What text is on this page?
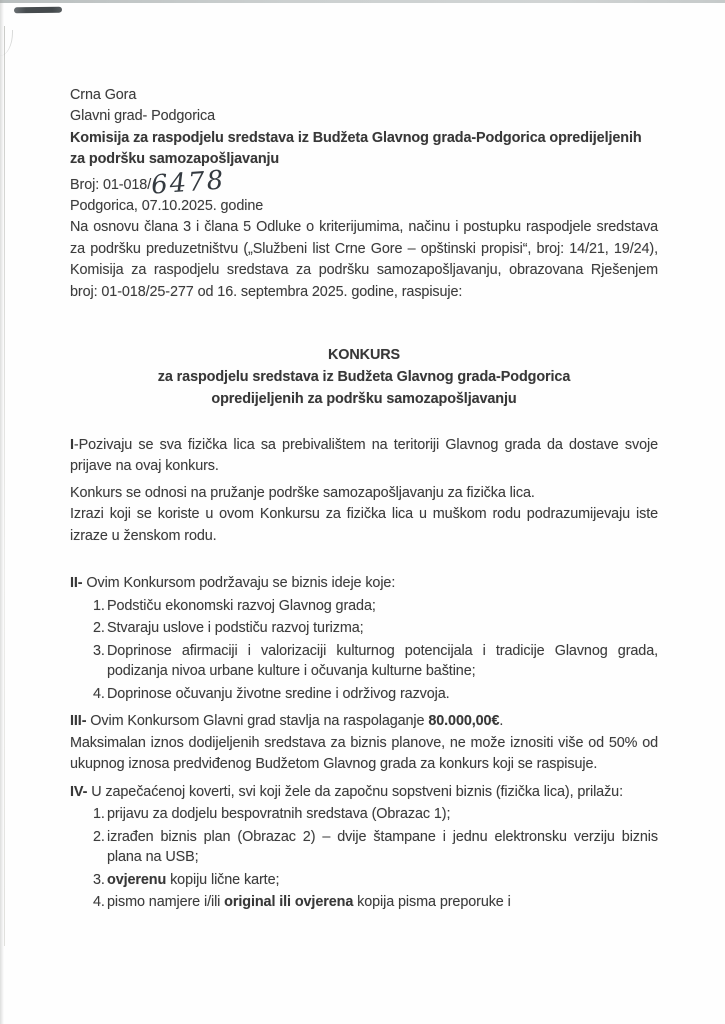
Crna Gora

Glavni grad- Podgorica

Komisija za raspodjelu sredstava iz Budžeta Glavnog grada-Podgorica opredijeljenih za podršku samozapošljavanju

Broj: 01-018/6478

Podgorica, 07.10.2025. godine

Na osnovu člana 3 i člana 5 Odluke o kriterijumima, načinu i postupku raspodjele sredstava za podršku preduzetništvu („Službeni list Crne Gore – opštinski propisi“, broj: 14/21, 19/24), Komisija za raspodjelu sredstava za podršku samozapošljavanju, obrazovana Rješenjem broj: 01-018/25-277 od 16. septembra 2025. godine, raspisuje:

KONKURS

za raspodjelu sredstava iz Budžeta Glavnog grada-Podgorica

opredijeljenih za podršku samozapošljavanju

I-Pozivaju se sva fizička lica sa prebivalištem na teritoriji Glavnog grada da dostave svoje prijave na ovaj konkurs.

Konkurs se odnosi na pružanje podrške samozapošljavanju za fizička lica.

Izrazi koji se koriste u ovom Konkursu za fizička lica u muškom rodu podrazumijevaju iste izraze u ženskom rodu.

II- Ovim Konkursom podržavaju se biznis ideje koje:

Podstiču ekonomski razvoj Glavnog grada;
Stvaraju uslove i podstiču razvoj turizma;
Doprinose afirmaciji i valorizaciji kulturnog potencijala i tradicije Glavnog grada, podizanja nivoa urbane kulture i očuvanja kulturne baštine;
Doprinose očuvanju životne sredine i održivog razvoja.

III- Ovim Konkursom Glavni grad stavlja na raspolaganje 80.000,00€.

Maksimalan iznos dodijeljenih sredstava za biznis planove, ne može iznositi više od 50% od ukupnog iznosa predviđenog Budžetom Glavnog grada za konkurs koji se raspisuje.

IV- U zapečaćenoj koverti, svi koji žele da započnu sopstveni biznis (fizička lica), prilažu:

prijavu za dodjelu bespovratnih sredstava (Obrazac 1);
izrađen biznis plan (Obrazac 2) – dvije štampane i jednu elektronsku verziju biznis plana na USB;
ovjerenu kopiju lične karte;
pismo namjere i/ili original ili ovjerena kopija pisma preporuke i
